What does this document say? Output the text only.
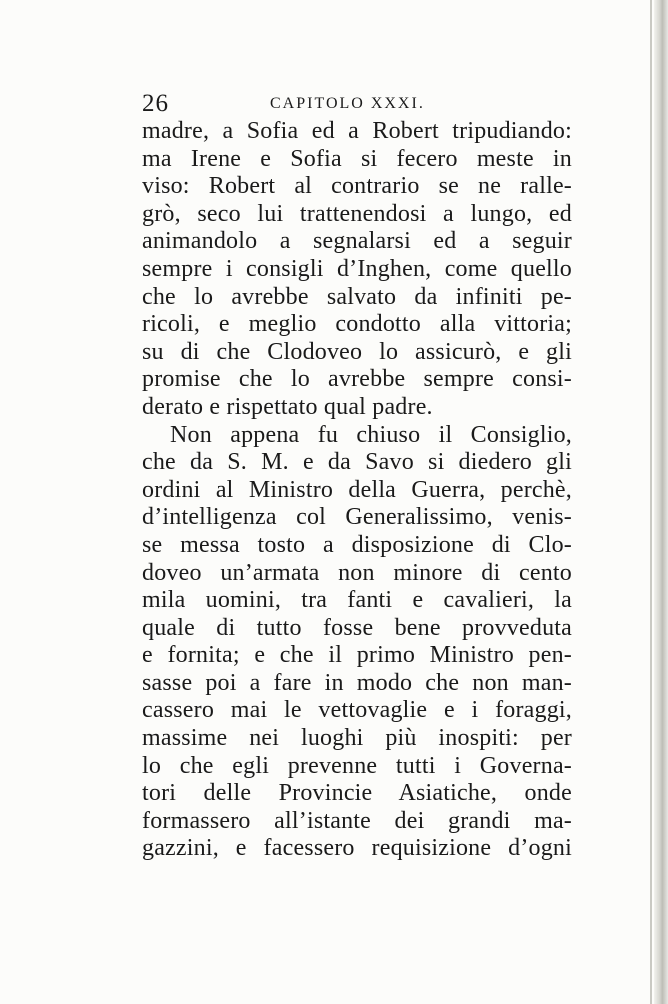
26	CAPITOLO XXXI.
madre, a Sofia ed a Robert tripudiando:
ma Irene e Sofia si fecero meste in
viso: Robert al contrario se ne ralle-
grò, seco lui trattenendosi a lungo, ed
animandolo a segnalarsi ed a seguir
sempre i consigli d’Inghen, come quello
che lo avrebbe salvato da infiniti pe-
ricoli, e meglio condotto alla vittoria;
su di che Clodoveo lo assicurò, e gli
promise che lo avrebbe sempre consi-
derato e rispettato qual padre.
Non appena fu chiuso il Consiglio,
che da S. M. e da Savo si diedero gli
ordini al Ministro della Guerra, perchè,
d’intelligenza col Generalissimo, venis-
se messa tosto a disposizione di Clo-
doveo un’armata non minore di cento
mila uomini, tra fanti e cavalieri, la
quale di tutto fosse bene provveduta
e fornita; e che il primo Ministro pen-
sasse poi a fare in modo che non man-
cassero mai le vettovaglie e i foraggi,
massime nei luoghi più inospiti: per
lo che egli prevenne tutti i Governa-
tori delle Provincie Asiatiche, onde
formassero all’istante dei grandi ma-
gazzini, e facessero requisizione d’ogni
